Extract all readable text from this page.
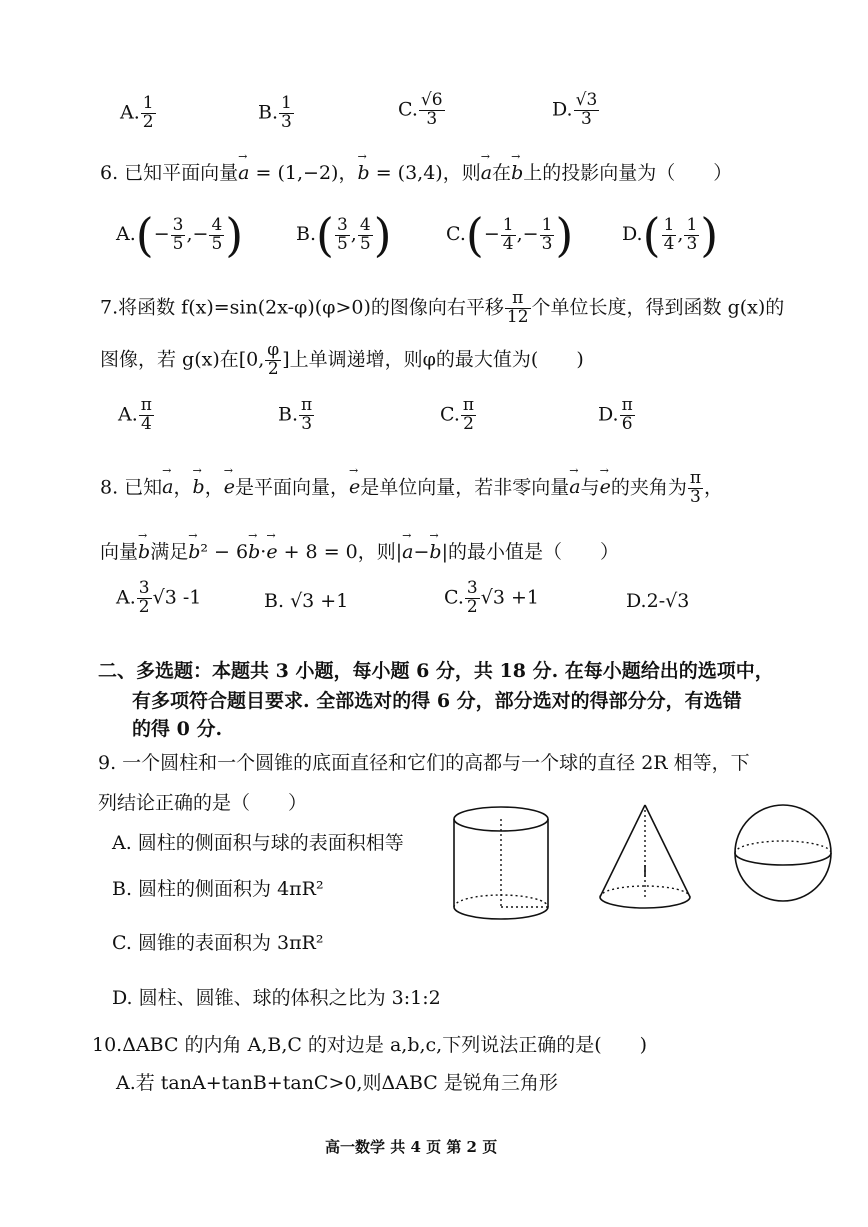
A. $\frac{1}{2}$	B. $\frac{1}{3}$	C. $\frac{√6}{3}$	D. $\frac{√3}{3}$
6. 已知平面向量→ a = (1,−2)，→ b = (3,4)，则→ a在→ b上的投影向量为（　　）
$A.(- \frac{3}{5}$ ,− $\frac{4}{5}$ )	$B.( \frac{3}{5}$ , $\frac{4}{5}$ )	$C.(- \frac{1}{4}$ ,− $\frac{1}{3}$ )	$D.( \frac{1}{4}$ , $\frac{1}{3}$ )
7.将函数 f(x)=sin(2x-φ)(φ>0)的图像向右平移 $\frac{\pi}{12}$ 个单位长度，得到函数 g(x)的
图像，若 g(x)在[0, $\frac{\varphi}{2}$ ]上单调递增，则φ的最大值为(　　)
A. $\frac{\pi}{4}$	B. $\frac{\pi}{3}$	C. $\frac{\pi}{2}$	D. $\frac{\pi}{6}$
8. 已知→ a，→ b，→ e是平面向量，→ e是单位向量，若非零向量→ a与→ e的夹角为 $\frac{\pi}{3}$ ，
向量→ b满足→ b² − 6→ b·→ e + 8 = 0，则|→ a−→ b|的最小值是（　　）
A. $\frac{3}{2} √3$ -1	B. √3 +1	C. $\frac{3}{2} √3 +1$	D.2-√3
二、多选题：本题共 3 小题，每小题 6 分，共 18 分. 在每小题给出的选项中，
有多项符合题目要求. 全部选对的得 6 分，部分选对的得部分分，有选错
的得 0 分.
9. 一个圆柱和一个圆锥的底面直径和它们的高都与一个球的直径 2R 相等，下
列结论正确的是（　　）
A. 圆柱的侧面积与球的表面积相等
B. 圆柱的侧面积为 4πR²
C. 圆锥的表面积为 3πR²
D. 圆柱、圆锥、球的体积之比为 3:1:2
10.ΔABC 的内角 A,B,C 的对边是 a,b,c,下列说法正确的是(　　)
A.若 tanA+tanB+tanC>0,则ΔABC 是锐角三角形
高一数学 共 4 页 第 2 页
